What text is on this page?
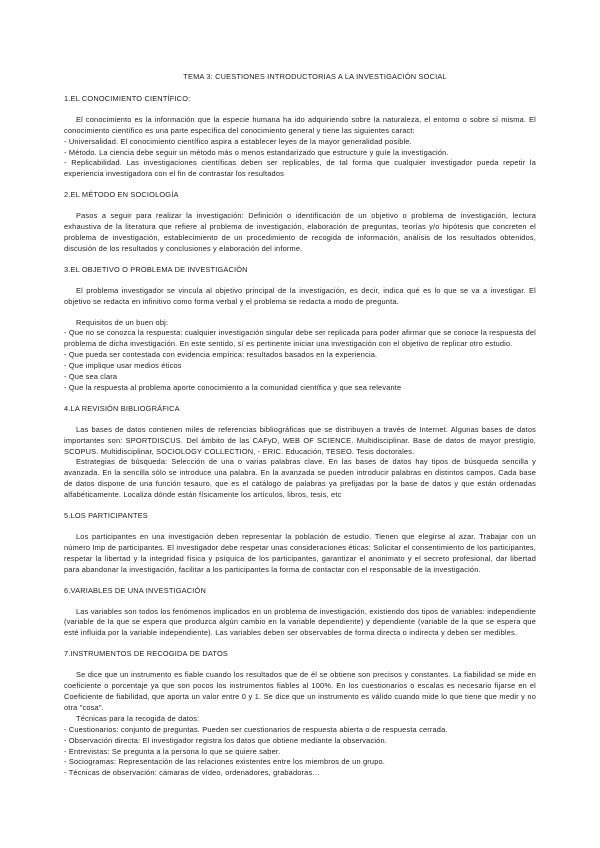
TEMA 3: CUESTIONES INTRODUCTORIAS A LA INVESTIGACIÓN SOCIAL

1.EL CONOCIMIENTO CIENTÍFICO:

El conocimiento es la información que la especie humana ha ido adquiriendo sobre la naturaleza, el entorno o sobre sí misma. El conocimiento científico es una parte específica del conocimiento general y tiene las siguientes caract:

- Universalidad. El conocimiento científico aspira a establecer leyes de la mayor generalidad posible.

- Método. La ciencia debe seguir un método más o menos estandarizado que estructure y guíe la investigación.

- Replicabilidad. Las investigaciones científicas deben ser replicables, de tal forma que cualquier investigador pueda repetir la experiencia investigadora con el fin de contrastar los resultados

2.EL MÉTODO EN SOCIOLOGÍA

Pasos a seguir para realizar la investigación: Definición o identificación de un objetivo o problema de investigación, lectura exhaustiva de la literatura que refiere al problema de investigación, elaboración de preguntas, teorías y/o hipótesis que concreten el problema de investigación, establecimiento de un procedimiento de recogida de información, análisis de los resultados obtenidos, discusión de los resultados y conclusiones y elaboración del informe.

3.EL OBJETIVO O PROBLEMA DE INVESTIGACIÓN

El problema investigador se vincula al objetivo principal de la investigación, es decir, indica qué es lo que se va a investigar. El objetivo se redacta en infinitivo como forma verbal y el problema se redacta a modo de pregunta.

Requisitos de un buen obj:

- Que no se conozca la respuesta: cualquier investigación singular debe ser replicada para poder afirmar que se conoce la respuesta del problema de dicha investigación. En este sentido, sí es pertinente iniciar una investigación con el objetivo de replicar otro estudio.

- Que pueda ser contestada con evidencia empírica: resultados basados en la experiencia.

- Que implique usar medios éticos

- Que sea clara

- Que la respuesta al problema aporte conocimiento a la comunidad científica y que sea relevante

4.LA REVISIÓN BIBLIOGRÁFICA

Las bases de datos contienen miles de referencias bibliográficas que se distribuyen a través de Internet. Algunas bases de datos importantes son: SPORTDISCUS. Del ámbito de las CAFyD, WEB OF SCIENCE. Multidisciplinar. Base de datos de mayor prestigio, SCOPUS. Multidisciplinar, SOCIOLOGY COLLECTION, - ERIC. Educación, TESEO. Tesis doctorales.

Estrategias de búsqueda: Selección de una o varias palabras clave. En las bases de datos hay tipos de búsqueda sencilla y avanzada. En la sencilla sólo se introduce una palabra. En la avanzada se pueden introducir palabras en distintos campos. Cada base de datos dispone de una función tesauro, que es el catálogo de palabras ya prefijadas por la base de datos y que están ordenadas alfabéticamente. Localiza dónde están físicamente los artículos, libros, tesis, etc

5.LOS PARTICIPANTES

Los participantes en una investigación deben representar la población de estudio. Tienen que elegirse al azar. Trabajar con un número Imp de participantes. El investigador debe respetar unas consideraciones éticas: Solicitar el consentimiento de los participantes, respetar la libertad y la integridad física y psíquica de los participantes, garantizar el anonimato y el secreto profesional, dar libertad para abandonar la investigación, facilitar a los participantes la forma de contactar con el responsable de la investigación.

6.VARIABLES DE UNA INVESTIGACIÓN

Las variables son todos los fenómenos implicados en un problema de investigación, existiendo dos tipos de variables: independiente (variable de la que se espera que produzca algún cambio en la variable dependiente) y dependiente (variable de la que se espera que esté influida por la variable independiente). Las variables deben ser observables de forma directa o indirecta y deben ser medibles.

7.INSTRUMENTOS DE RECOGIDA DE DATOS

Se dice que un instrumento es fiable cuando los resultados que de él se obtiene son precisos y constantes. La fiabilidad se mide en coeficiente o porcentaje ya que son pocos los instrumentos fiables al 100%. En los cuestionarios o escalas es necesario fijarse en el Coeficiente de fiabilidad, que aporta un valor entre 0 y 1. Se dice que un instrumento es válido cuando mide lo que tiene que medir y no otra "cosa".

Técnicas para la recogida de datos:

- Cuestionarios: conjunto de preguntas. Pueden ser cuestionarios de respuesta abierta o de respuesta cerrada.

- Observación directa: El investigador registra los datos que obtiene mediante la observación.

- Entrevistas: Se pregunta a la persona lo que se quiere saber.

- Sociogramas: Representación de las relaciones existentes entre los miembros de un grupo.

- Técnicas de observación: cámaras de vídeo, ordenadores, grabadoras…
